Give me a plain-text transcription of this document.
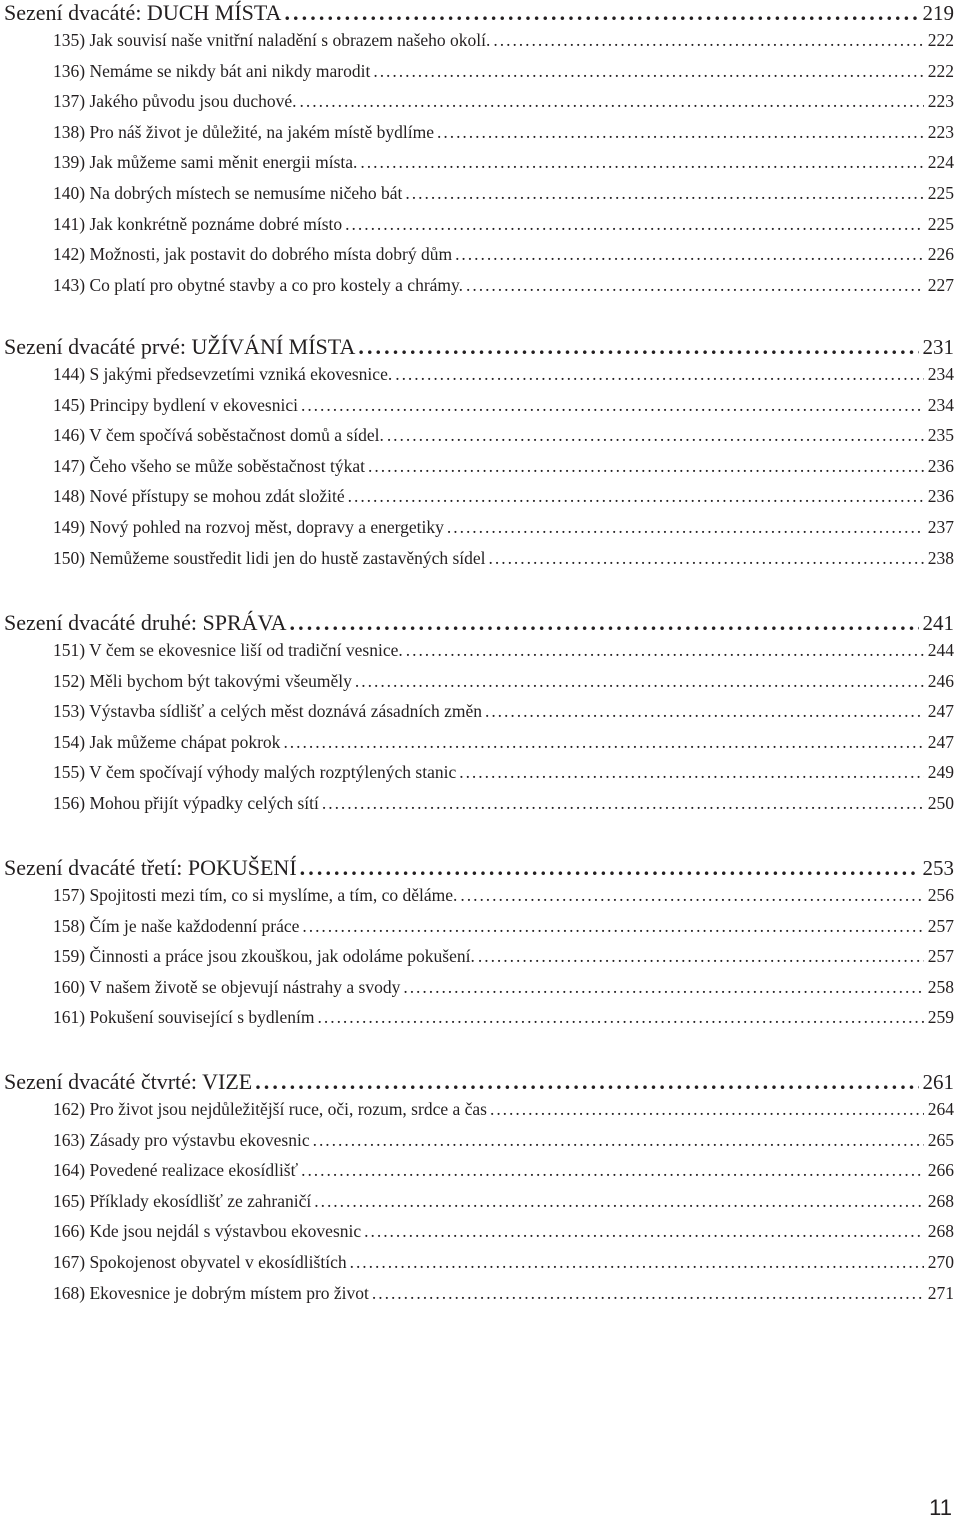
Sezení dvacáté: DUCH MÍSTA . . .	219
135) Jak souvisí naše vnitřní naladění s obrazem našeho okolí. . . .	222
136) Nemáme se nikdy bát ani nikdy marodit . . .	222
137) Jakého původu jsou duchové. . . .	223
138) Pro náš život je důležité, na jakém místě bydlíme . . .	223
139) Jak můžeme sami měnit energii místa. . . .	224
140) Na dobrých místech se nemusíme ničeho bát . . .	225
141) Jak konkrétně poznáme dobré místo . . .	225
142) Možnosti, jak postavit do dobrého místa dobrý dům . . .	226
143) Co platí pro obytné stavby a co pro kostely a chrámy. . . .	227
Sezení dvacáté prvé: UŽÍVÁNÍ MÍSTA . . .	231
144) S jakými předsevzetími vzniká ekovesnice. . . .	234
145) Principy bydlení v ekovesnici . . .	234
146) V čem spočívá soběstačnost domů a sídel. . . .	235
147) Čeho všeho se může soběstačnost týkat . . .	236
148) Nové přístupy se mohou zdát složité . . .	236
149) Nový pohled na rozvoj měst, dopravy a energetiky . . .	237
150) Nemůžeme soustředit lidi jen do hustě zastavěných sídel . . .	238
Sezení dvacáté druhé: SPRÁVA . . .	241
151) V čem se ekovesnice liší od tradiční vesnice. . . .	244
152) Měli bychom být takovými všeuměly . . .	246
153) Výstavba sídlišť a celých měst doznává zásadních změn . . .	247
154) Jak můžeme chápat pokrok . . .	247
155) V čem spočívají výhody malých rozptýlených stanic . . .	249
156) Mohou přijít výpadky celých sítí . . .	250
Sezení dvacáté třetí: POKUŠENÍ . . .	253
157) Spojitosti mezi tím, co si myslíme, a tím, co děláme. . . .	256
158) Čím je naše každodenní práce . . .	257
159) Činnosti a práce jsou zkouškou, jak odoláme pokušení. . . .	257
160) V našem životě se objevují nástrahy a svody . . .	258
161) Pokušení související s bydlením . . .	259
Sezení dvacáté čtvrté: VIZE . . .	261
162) Pro život jsou nejdůležitější ruce, oči, rozum, srdce a čas . . .	264
163) Zásady pro výstavbu ekovesnic . . .	265
164) Povedené realizace ekosídlišť . . .	266
165) Příklady ekosídlišť ze zahraničí . . .	268
166) Kde jsou nejdál s výstavbou ekovesnic . . .	268
167) Spokojenost obyvatel v ekosídlištích . . .	270
168) Ekovesnice je dobrým místem pro život . . .	271
11
